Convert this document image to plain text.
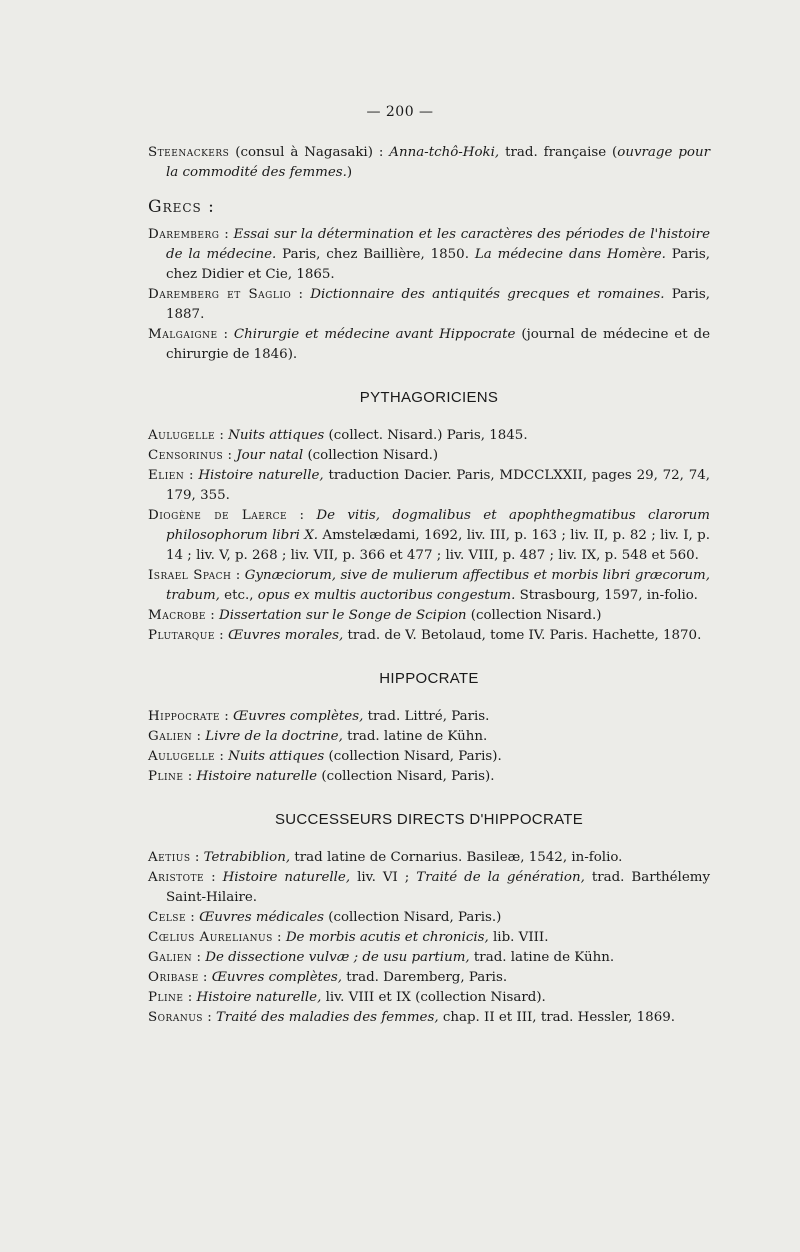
— 200 —
Steenackers (consul à Nagasaki) : Anna-tchô-Hoki, trad. française (ouvrage pour la commodité des femmes.)
Grecs :
Daremberg : Essai sur la détermination et les caractères des périodes de l'histoire de la médecine. Paris, chez Baillière, 1850. La médecine dans Homère. Paris, chez Didier et Cie, 1865.
Daremberg et Saglio : Dictionnaire des antiquités grecques et romaines. Paris, 1887.
Malgaigne : Chirurgie et médecine avant Hippocrate (journal de médecine et de chirurgie de 1846).
PYTHAGORICIENS
Aulugelle : Nuits attiques (collect. Nisard.) Paris, 1845.
Censorinus : Jour natal (collection Nisard.)
Elien : Histoire naturelle, traduction Dacier. Paris, MDCCLXXII, pages 29, 72, 74, 179, 355.
Diogène de Laerce : De vitis, dogmalibus et apophthegmatibus clarorum philosophorum libri X. Amstelædami, 1692, liv. III, p. 163 ; liv. II, p. 82 ; liv. I, p. 14 ; liv. V, p. 268 ; liv. VII, p. 366 et 477 ; liv. VIII, p. 487 ; liv. IX, p. 548 et 560.
Israel Spach : Gynæciorum, sive de mulierum affectibus et morbis libri græcorum, trabum, etc., opus ex multis auctoribus congestum. Strasbourg, 1597, in-folio.
Macrobe : Dissertation sur le Songe de Scipion (collection Nisard.)
Plutarque : Œuvres morales, trad. de V. Betolaud, tome IV. Paris. Hachette, 1870.
HIPPOCRATE
Hippocrate : Œuvres complètes, trad. Littré, Paris.
Galien : Livre de la doctrine, trad. latine de Kühn.
Aulugelle : Nuits attiques (collection Nisard, Paris).
Pline : Histoire naturelle (collection Nisard, Paris).
SUCCESSEURS DIRECTS D'HIPPOCRATE
Aetius : Tetrabiblion, trad latine de Cornarius. Basileæ, 1542, in-folio.
Aristote : Histoire naturelle, liv. VI ; Traité de la génération, trad. Barthélemy Saint-Hilaire.
Celse : Œuvres médicales (collection Nisard, Paris.)
Cœlius Aurelianus : De morbis acutis et chronicis, lib. VIII.
Galien : De dissectione vulvæ ; de usu partium, trad. latine de Kühn.
Oribase : Œuvres complètes, trad. Daremberg, Paris.
Pline : Histoire naturelle, liv. VIII et IX (collection Nisard).
Soranus : Traité des maladies des femmes, chap. II et III, trad. Hessler, 1869.
